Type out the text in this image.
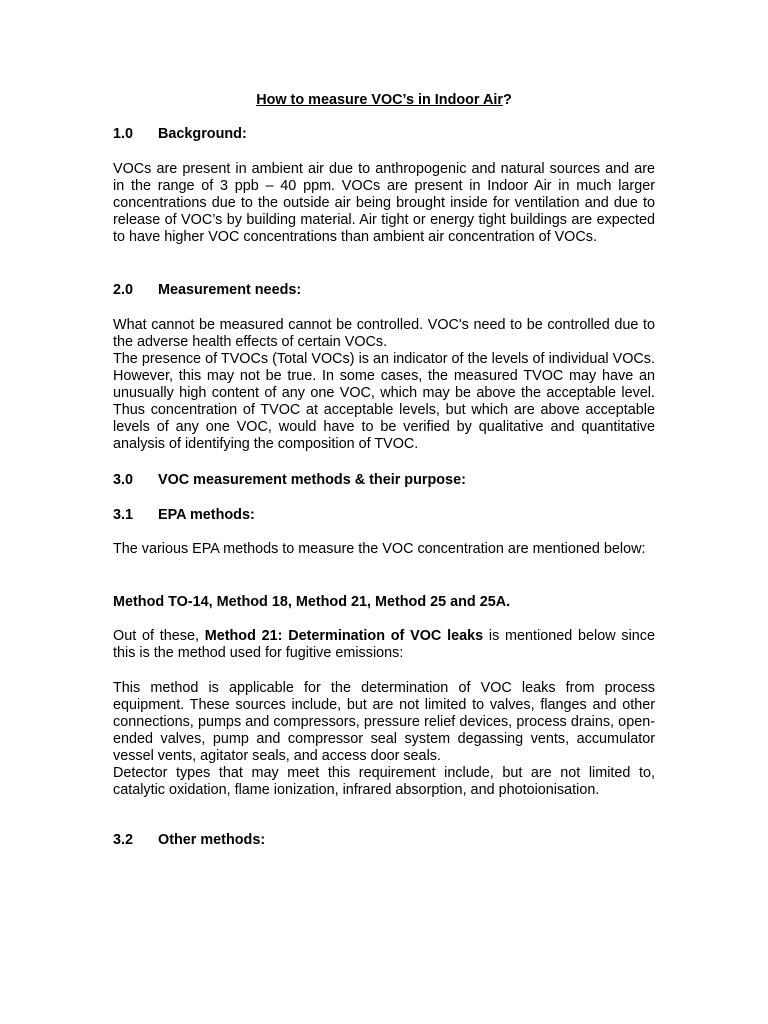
How to measure VOC’s in Indoor Air?
1.0 Background:
VOCs are present in ambient air due to anthropogenic and natural sources and are in the range of 3 ppb – 40 ppm. VOCs are present in Indoor Air in much larger concentrations due to the outside air being brought inside for ventilation and due to release of VOC’s by building material. Air tight or energy tight buildings are expected to have higher VOC concentrations than ambient air concentration of VOCs.
2.0 Measurement needs:
What cannot be measured cannot be controlled. VOC's need to be controlled due to the adverse health effects of certain VOCs.
The presence of TVOCs (Total VOCs) is an indicator of the levels of individual VOCs. However, this may not be true. In some cases, the measured TVOC may have an unusually high content of any one VOC, which may be above the acceptable level. Thus concentration of TVOC at acceptable levels, but which are above acceptable levels of any one VOC, would have to be verified by qualitative and quantitative analysis of identifying the composition of TVOC.
3.0 VOC measurement methods & their purpose:
3.1 EPA methods:
The various EPA methods to measure the VOC concentration are mentioned below:
Method TO-14, Method 18, Method 21, Method 25 and 25A.
Out of these, Method 21: Determination of VOC leaks is mentioned below since this is the method used for fugitive emissions:
This method is applicable for the determination of VOC leaks from process equipment. These sources include, but are not limited to valves, flanges and other connections, pumps and compressors, pressure relief devices, process drains, open-ended valves, pump and compressor seal system degassing vents, accumulator vessel vents, agitator seals, and access door seals.
Detector types that may meet this requirement include, but are not limited to, catalytic oxidation, flame ionization, infrared absorption, and photoionisation.
3.2 Other methods:
